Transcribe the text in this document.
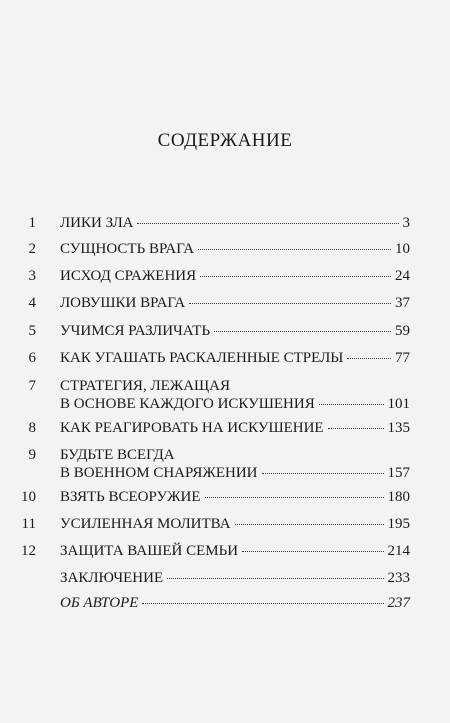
СОДЕРЖАНИЕ
1 ЛИКИ ЗЛА	3
2 СУЩНОСТЬ ВРАГА	10
3 ИСХОД СРАЖЕНИЯ	24
4 ЛОВУШКИ ВРАГА	37
5 УЧИМСЯ РАЗЛИЧАТЬ	59
6 КАК УГАШАТЬ РАСКАЛЕННЫЕ СТРЕЛЫ	77
7 СТРАТЕГИЯ, ЛЕЖАЩАЯ
В ОСНОВЕ КАЖДОГО ИСКУШЕНИЯ	101
8 КАК РЕАГИРОВАТЬ НА ИСКУШЕНИЕ	135
9 БУДЬТЕ ВСЕГДА
В ВОЕННОМ СНАРЯЖЕНИИ	157
10 ВЗЯТЬ ВСЕОРУЖИЕ	180
11 УСИЛЕННАЯ МОЛИТВА	195
12 ЗАЩИТА ВАШЕЙ СЕМЬИ	214
ЗАКЛЮЧЕНИЕ	233
ОБ АВТОРЕ	237
